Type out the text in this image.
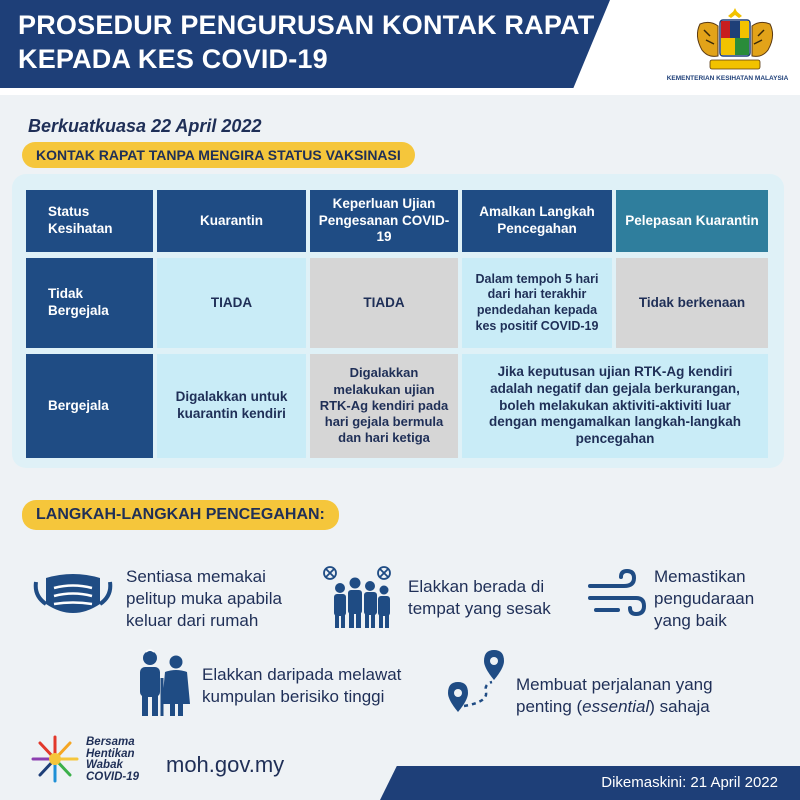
PROSEDUR PENGURUSAN KONTAK RAPAT
KEPADA KES COVID-19
KEMENTERIAN KESIHATAN MALAYSIA
Berkuatkuasa 22 April 2022
KONTAK RAPAT TANPA MENGIRA STATUS VAKSINASI
Status Kesihatan
Kuarantin
Keperluan Ujian Pengesanan COVID-19
Amalkan Langkah Pencegahan
Pelepasan Kuarantin
Tidak Bergejala
TIADA	TIADA
Dalam tempoh 5 hari dari hari terakhir pendedahan kepada kes positif COVID-19
Tidak berkenaan
Bergejala
Digalakkan untuk kuarantin kendiri
Digalakkan melakukan ujian RTK-Ag kendiri pada hari gejala bermula dan hari ketiga
Jika keputusan ujian RTK-Ag kendiri adalah negatif dan gejala berkurangan, boleh melakukan aktiviti-aktiviti luar dengan mengamalkan langkah-langkah pencegahan
LANGKAH-LANGKAH PENCEGAHAN:
Sentiasa memakai pelitup muka apabila keluar dari rumah
Elakkan berada di tempat yang sesak
Memastikan pengudaraan yang baik
Elakkan daripada melawat kumpulan berisiko tinggi
Membuat perjalanan yang penting (essential) sahaja
Bersama
Hentikan
Wabak
COVID-19 moh.gov.my
Dikemaskini: 21 April 2022
